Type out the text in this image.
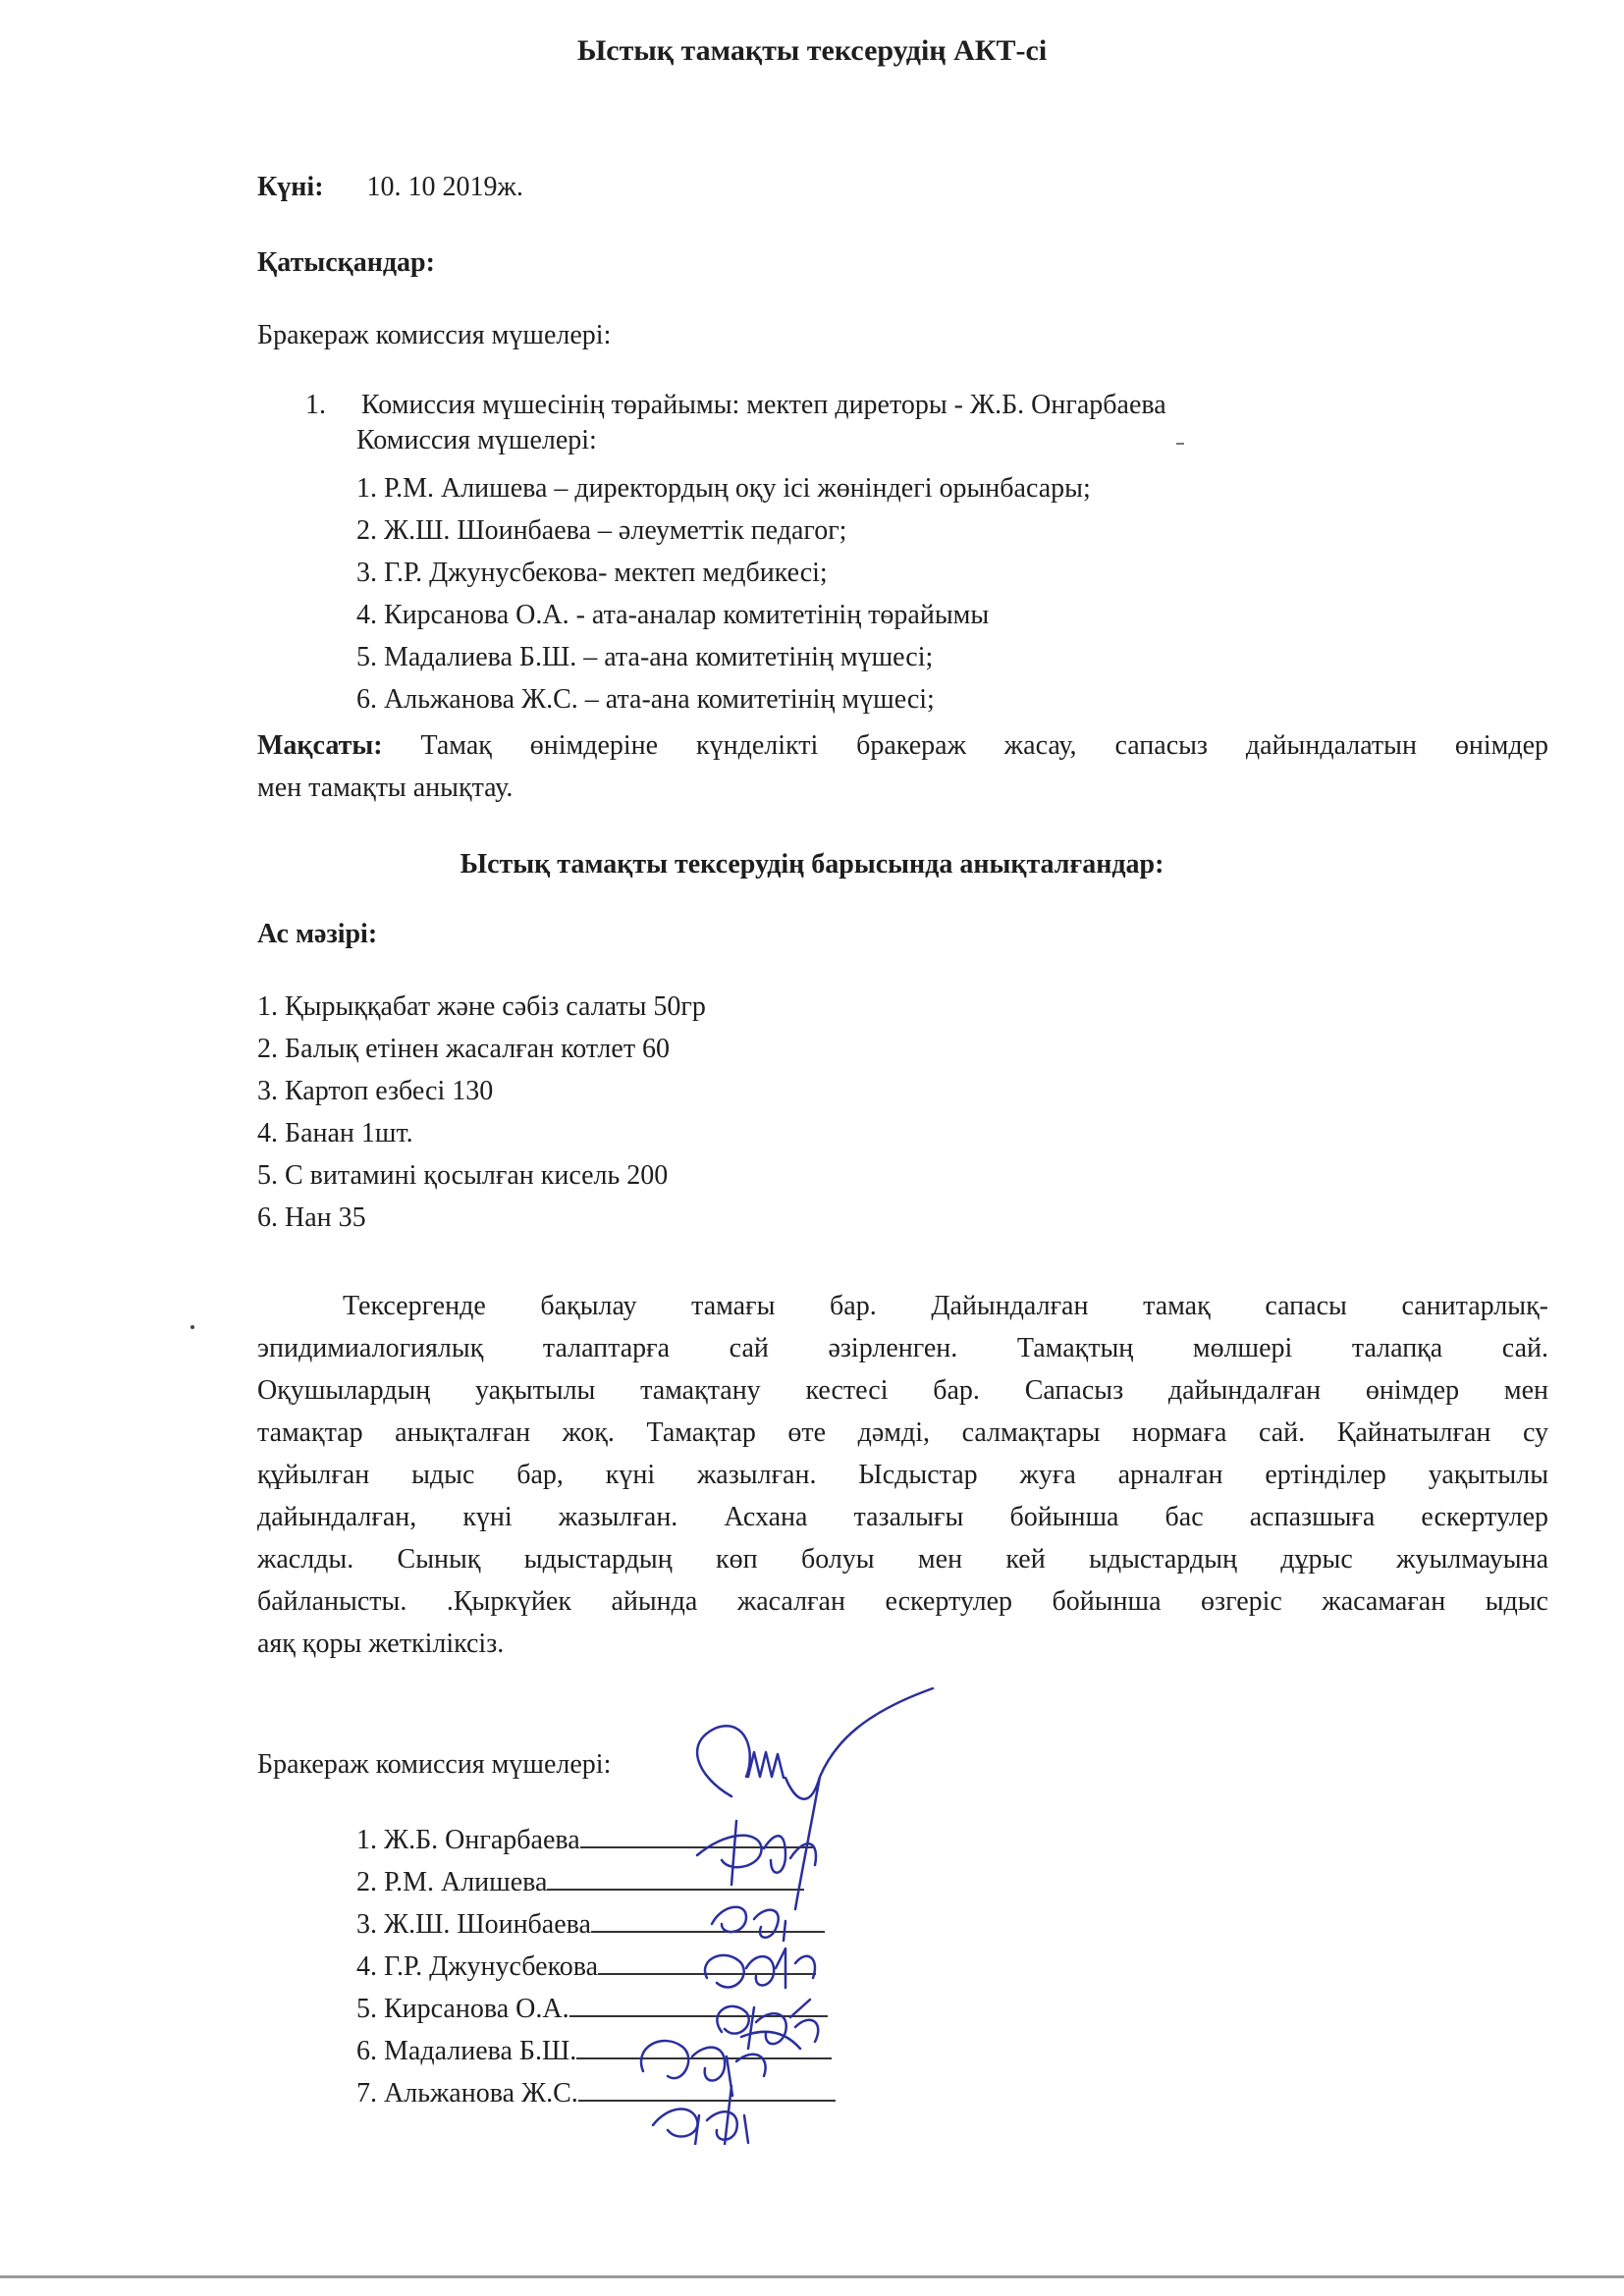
Ыстық тамақты тексерудің АКТ-сі
Күні: 10. 10 2019ж.
Қатысқандар:
Бракераж комиссия мүшелері:
1. Комиссия мүшесінің төрайымы: мектеп диреторы - Ж.Б. Онгарбаева
Комиссия мүшелері:
1. Р.М. Алишева – директордың оқу ісі жөніндегі орынбасары;
2. Ж.Ш. Шоинбаева – әлеуметтік педагог;
3. Г.Р. Джунусбекова- мектеп медбикесі;
4. Кирсанова О.А. - ата-аналар комитетінің төрайымы
5. Мадалиева Б.Ш. – ата-ана комитетінің мүшесі;
6. Альжанова Ж.С. – ата-ана комитетінің мүшесі;
Мақсаты: Тамақ өнімдеріне күнделікті бракераж жасау, сапасыз дайындалатын өнімдер
мен тамақты анықтау.
Ыстық тамақты тексерудің барысында анықталғандар:
Ас мәзірі:
1. Қырыққабат және сәбіз салаты 50гр
2. Балық етінен жасалған котлет 60
3. Картоп езбесі 130
4. Банан 1шт.
5. С витамині қосылған кисель 200
6. Нан 35
Тексергенде бақылау тамағы бар. Дайындалған тамақ сапасы санитарлық-
эпидимиалогиялық талаптарға сай әзірленген. Тамақтың мөлшері талапқа сай.
Оқушылардың уақытылы тамақтану кестесі бар. Сапасыз дайындалған өнімдер мен
тамақтар анықталған жоқ. Тамақтар өте дәмді, салмақтары нормаға сай. Қайнатылған су
құйылған ыдыс бар, күні жазылған. Ысдыстар жуға арналған ертінділер уақытылы
дайындалған, күні жазылған. Асхана тазалығы бойынша бас аспазшыға ескертулер
жаслды. Сынық ыдыстардың көп болуы мен кей ыдыстардың дұрыс жуылмауына
байланысты. .Қыркүйек айында жасалған ескертулер бойынша өзгеріс жасамаған ыдыс
аяқ қоры жеткіліксіз.
Бракераж комиссия мүшелері:
1. Ж.Б. Онгарбаева
2. Р.М. Алишева
3. Ж.Ш. Шоинбаева
4. Г.Р. Джунусбекова
5. Кирсанова О.А.
6. Мадалиева Б.Ш.
7. Альжанова Ж.С.
